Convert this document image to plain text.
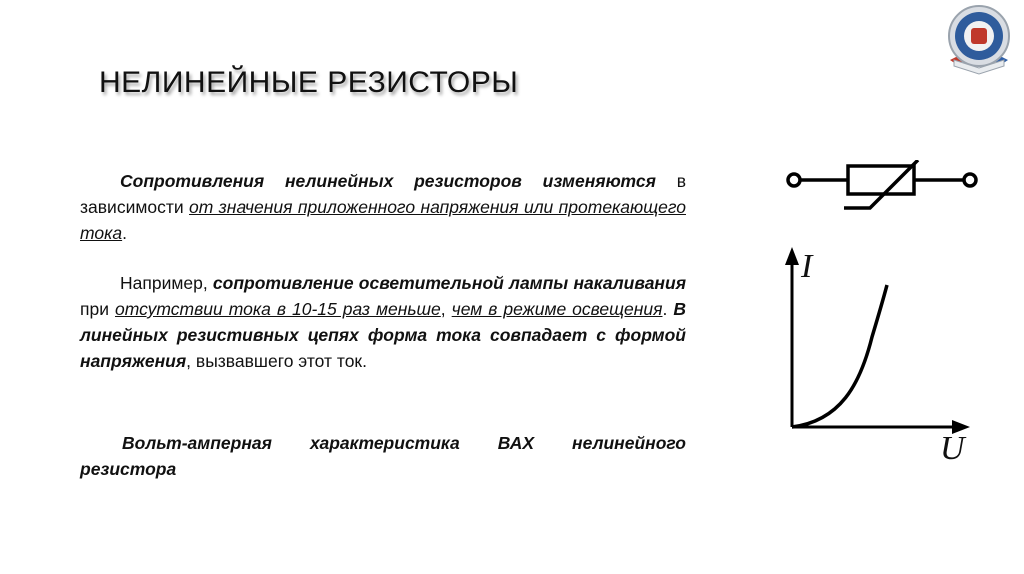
НЕЛИНЕЙНЫЕ РЕЗИСТОРЫ

Сопротивления нелинейных резисторов изменяются в зависимости от значения приложенного напряжения или протекающего тока.

Например, сопротивление осветительной лампы накаливания при отсутствии тока в 10-15 раз меньше, чем в режиме освещения. В линейных резистивных цепях форма тока совпадает с формой напряжения, вызвавшего этот ток.

Вольт-амперная характеристика ВАХ нелинейного резистора

I
U
